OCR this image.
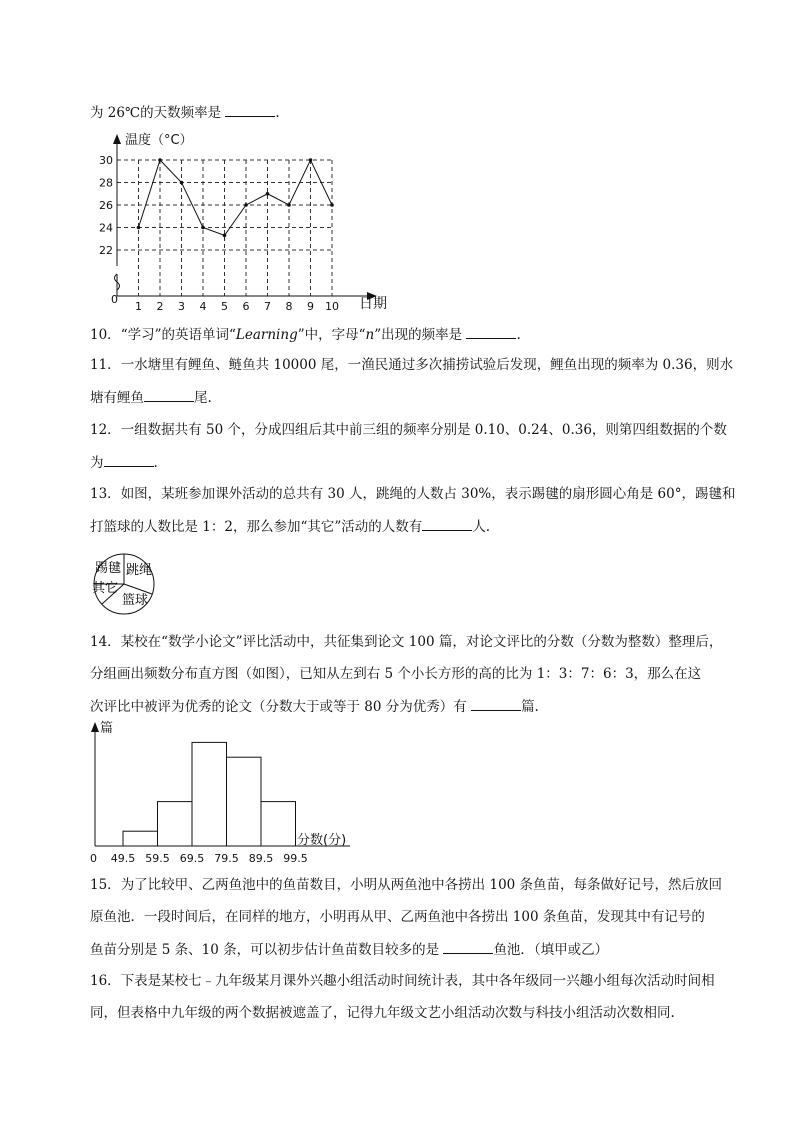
为 26℃的天数频率是	.
22
24
26
28
30
1 2 3 4 5 6 7 8 9 10
温度（°C）
日期
0
10．“学习”的英语单词“Learning”中，字母“n”出现的频率是	.
11．一水塘里有鲤鱼、鲢鱼共 10000 尾，一渔民通过多次捕捞试验后发现，鲤鱼出现的频率为 0.36，则水
塘有鲤鱼	尾.
12．一组数据共有 50 个，分成四组后其中前三组的频率分别是 0.10、0.24、0.36，则第四组数据的个数
为	.
13．如图，某班参加课外活动的总共有 30 人，跳绳的人数占 30%，表示踢毽的扇形圆心角是 60°，踢毽和
打篮球的人数比是 1：2，那么参加“其它”活动的人数有	人.
踢毽 跳绳
其它
篮球
14．某校在“数学小论文”评比活动中，共征集到论文 100 篇，对论文评比的分数（分数为整数）整理后，
分组画出频数分布直方图（如图），已知从左到右 5 个小长方形的高的比为 1：3：7：6：3，那么在这
次评比中被评为优秀的论文（分数大于或等于 80 分为优秀）有	篇.
49.5 59.5 69.5 79.5 89.5 99.5
篇
分数(分)
0
15．为了比较甲、乙两鱼池中的鱼苗数目，小明从两鱼池中各捞出 100 条鱼苗，每条做好记号，然后放回
原鱼池．一段时间后，在同样的地方，小明再从甲、乙两鱼池中各捞出 100 条鱼苗，发现其中有记号的
鱼苗分别是 5 条、10 条，可以初步估计鱼苗数目较多的是	鱼池．（填甲或乙）
16．下表是某校七﹣九年级某月课外兴趣小组活动时间统计表，其中各年级同一兴趣小组每次活动时间相
同，但表格中九年级的两个数据被遮盖了，记得九年级文艺小组活动次数与科技小组活动次数相同.
